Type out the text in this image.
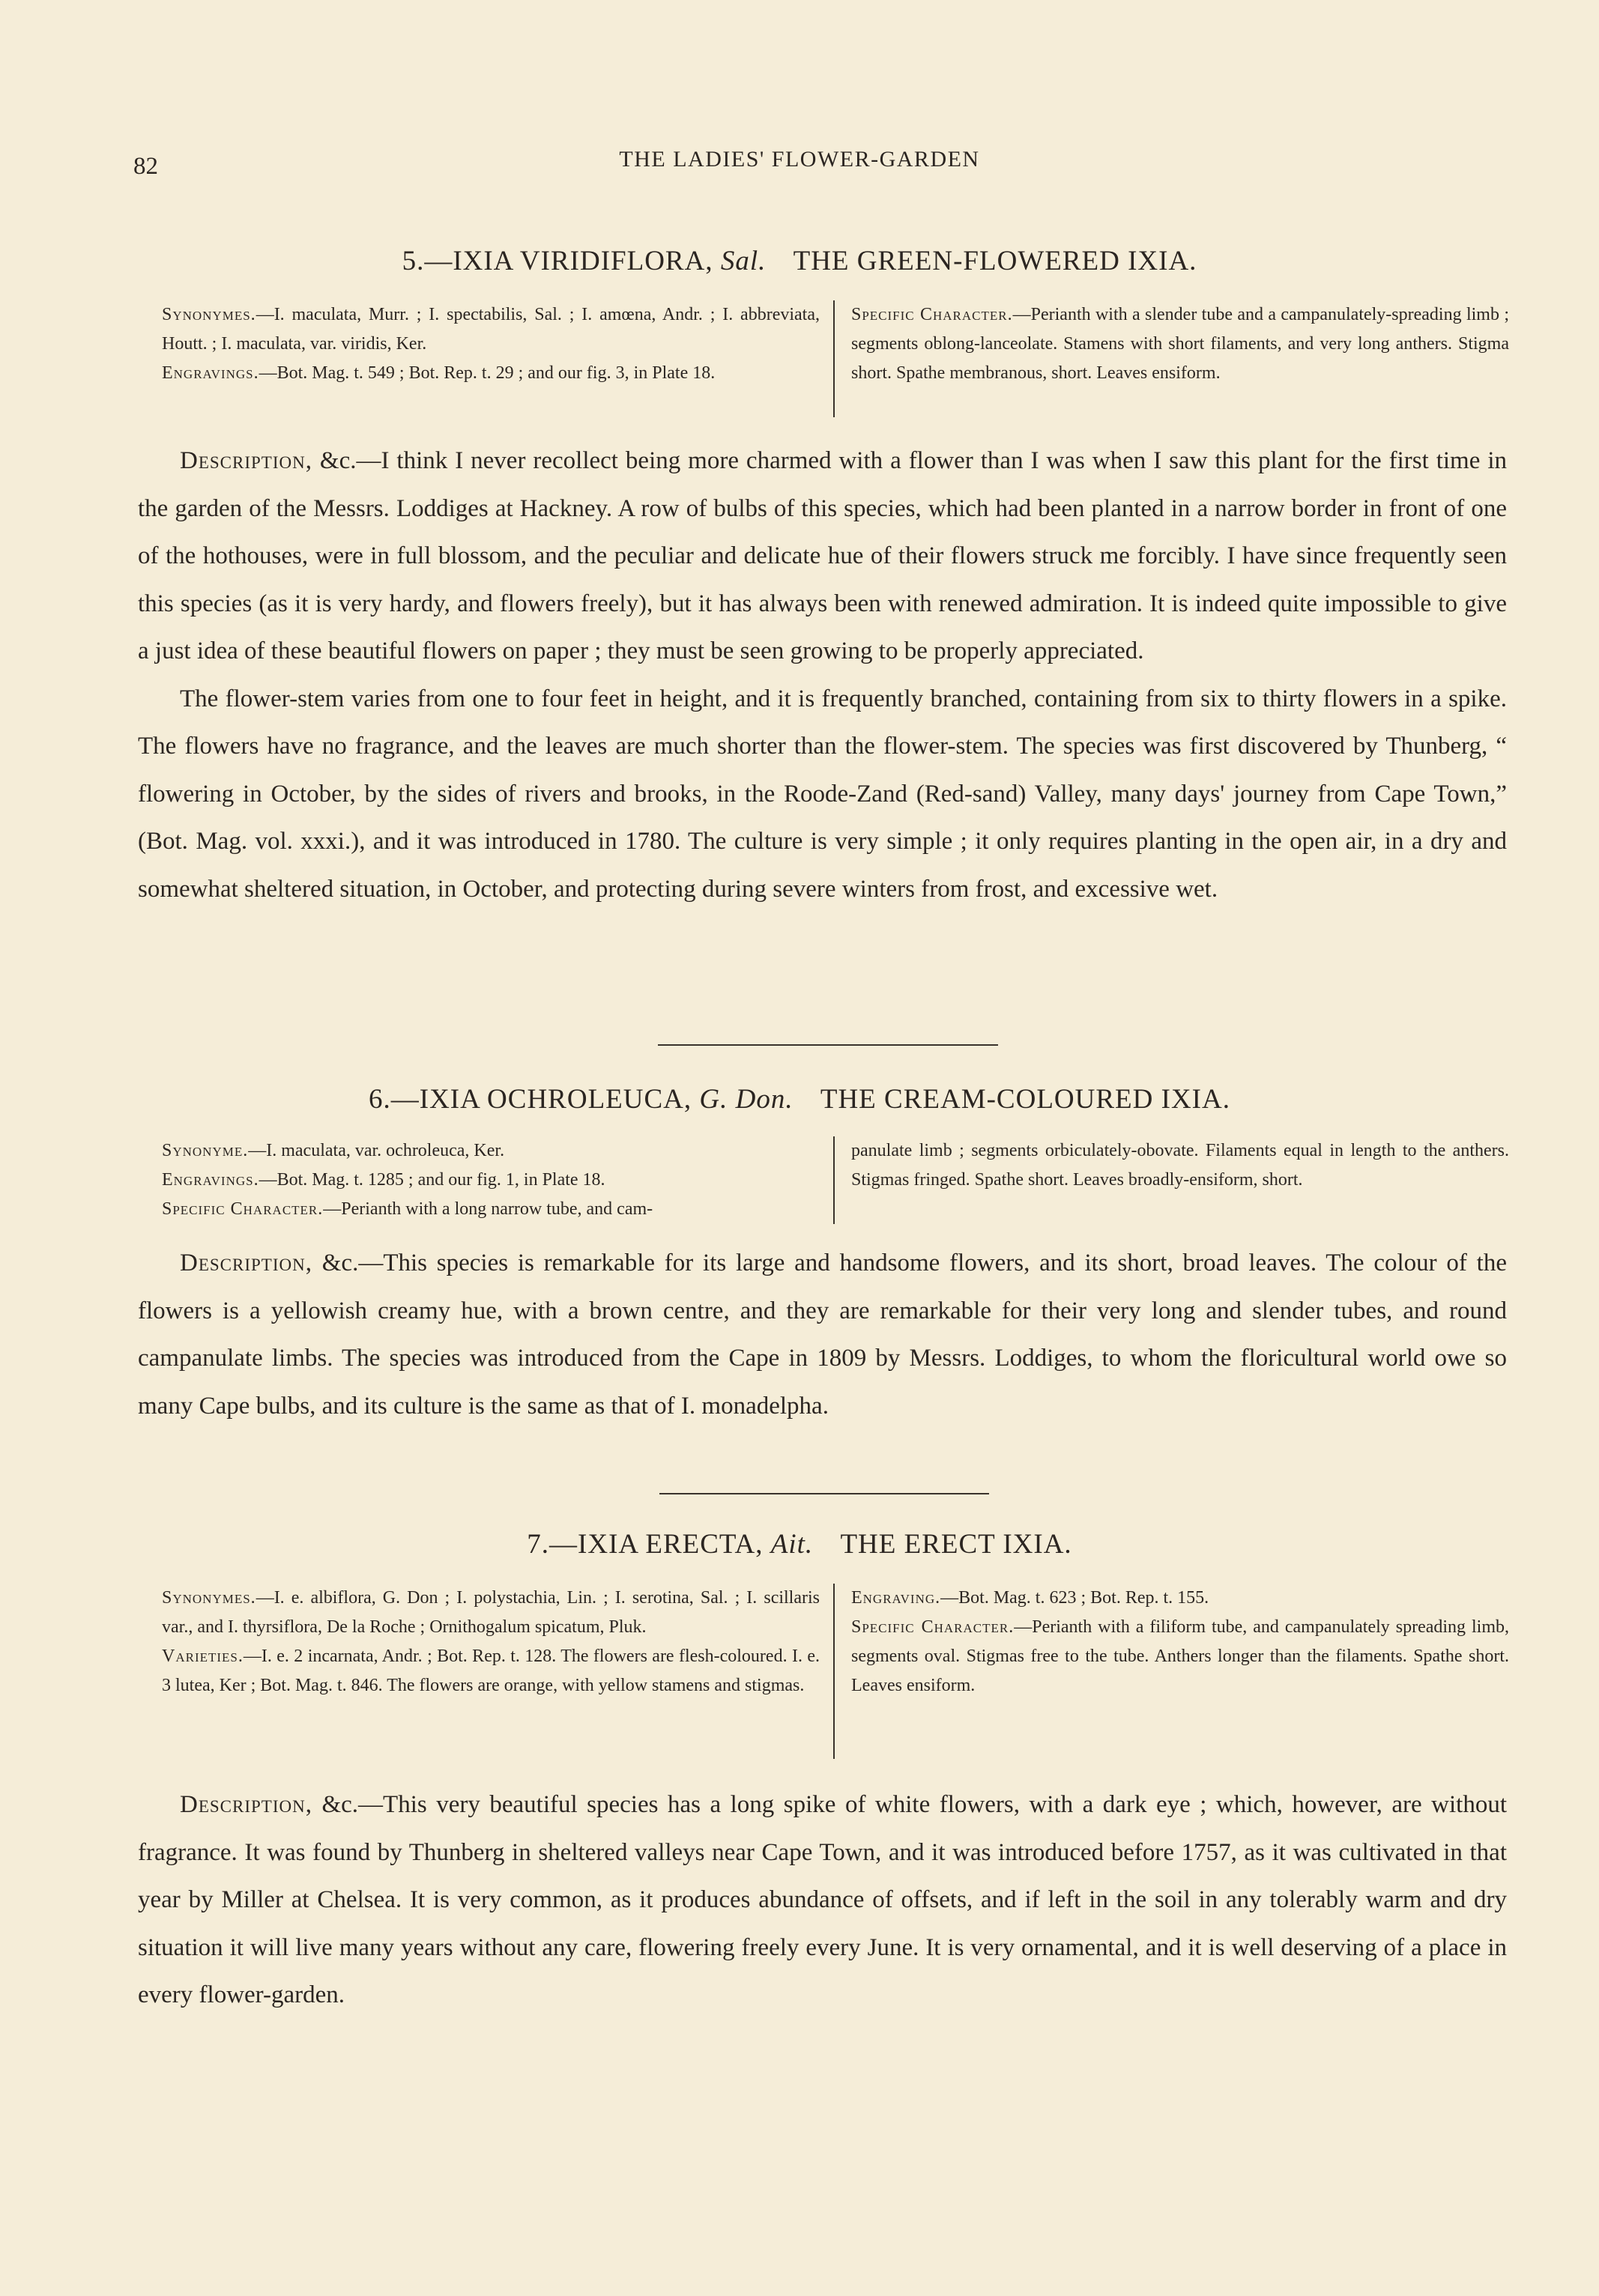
82	THE LADIES' FLOWER-GARDEN
5.—IXIA VIRIDIFLORA, Sal. THE GREEN-FLOWERED IXIA.

Synonymes.—I. maculata, Murr. ; I. spectabilis, Sal. ; I. amœna, Andr. ; I. abbreviata, Houtt. ; I. maculata, var. viridis, Ker.

Engravings.—Bot. Mag. t. 549 ; Bot. Rep. t. 29 ; and our fig. 3, in Plate 18.

Specific Character.—Perianth with a slender tube and a campanulately-spreading limb ; segments oblong-lanceolate. Stamens with short filaments, and very long anthers. Stigma short. Spathe membranous, short. Leaves ensiform.

Description, &c.—I think I never recollect being more charmed with a flower than I was when I saw this plant for the first time in the garden of the Messrs. Loddiges at Hackney. A row of bulbs of this species, which had been planted in a narrow border in front of one of the hothouses, were in full blossom, and the peculiar and delicate hue of their flowers struck me forcibly. I have since frequently seen this species (as it is very hardy, and flowers freely), but it has always been with renewed admiration. It is indeed quite impossible to give a just idea of these beautiful flowers on paper ; they must be seen growing to be properly appreciated.

The flower-stem varies from one to four feet in height, and it is frequently branched, containing from six to thirty flowers in a spike. The flowers have no fragrance, and the leaves are much shorter than the flower-stem. The species was first discovered by Thunberg, “ flowering in October, by the sides of rivers and brooks, in the Roode-Zand (Red-sand) Valley, many days' journey from Cape Town,” (Bot. Mag. vol. xxxi.), and it was introduced in 1780. The culture is very simple ; it only requires planting in the open air, in a dry and somewhat sheltered situation, in October, and protecting during severe winters from frost, and excessive wet.

6.—IXIA OCHROLEUCA, G. Don. THE CREAM-COLOURED IXIA.

Synonyme.—I. maculata, var. ochroleuca, Ker.

Engravings.—Bot. Mag. t. 1285 ; and our fig. 1, in Plate 18.

Specific Character.—Perianth with a long narrow tube, and cam-

panulate limb ; segments orbiculately-obovate. Filaments equal in length to the anthers. Stigmas fringed. Spathe short. Leaves broadly-ensiform, short.

Description, &c.—This species is remarkable for its large and handsome flowers, and its short, broad leaves. The colour of the flowers is a yellowish creamy hue, with a brown centre, and they are remarkable for their very long and slender tubes, and round campanulate limbs. The species was introduced from the Cape in 1809 by Messrs. Loddiges, to whom the floricultural world owe so many Cape bulbs, and its culture is the same as that of I. monadelpha.

7.—IXIA ERECTA, Ait. THE ERECT IXIA.

Synonymes.—I. e. albiflora, G. Don ; I. polystachia, Lin. ; I. serotina, Sal. ; I. scillaris var., and I. thyrsiflora, De la Roche ; Ornithogalum spicatum, Pluk.

Varieties.—I. e. 2 incarnata, Andr. ; Bot. Rep. t. 128. The flowers are flesh-coloured. I. e. 3 lutea, Ker ; Bot. Mag. t. 846. The flowers are orange, with yellow stamens and stigmas.

Engraving.—Bot. Mag. t. 623 ; Bot. Rep. t. 155.

Specific Character.—Perianth with a filiform tube, and campanulately spreading limb, segments oval. Stigmas free to the tube. Anthers longer than the filaments. Spathe short. Leaves ensiform.

Description, &c.—This very beautiful species has a long spike of white flowers, with a dark eye ; which, however, are without fragrance. It was found by Thunberg in sheltered valleys near Cape Town, and it was introduced before 1757, as it was cultivated in that year by Miller at Chelsea. It is very common, as it produces abundance of offsets, and if left in the soil in any tolerably warm and dry situation it will live many years without any care, flowering freely every June. It is very ornamental, and it is well deserving of a place in every flower-garden.
